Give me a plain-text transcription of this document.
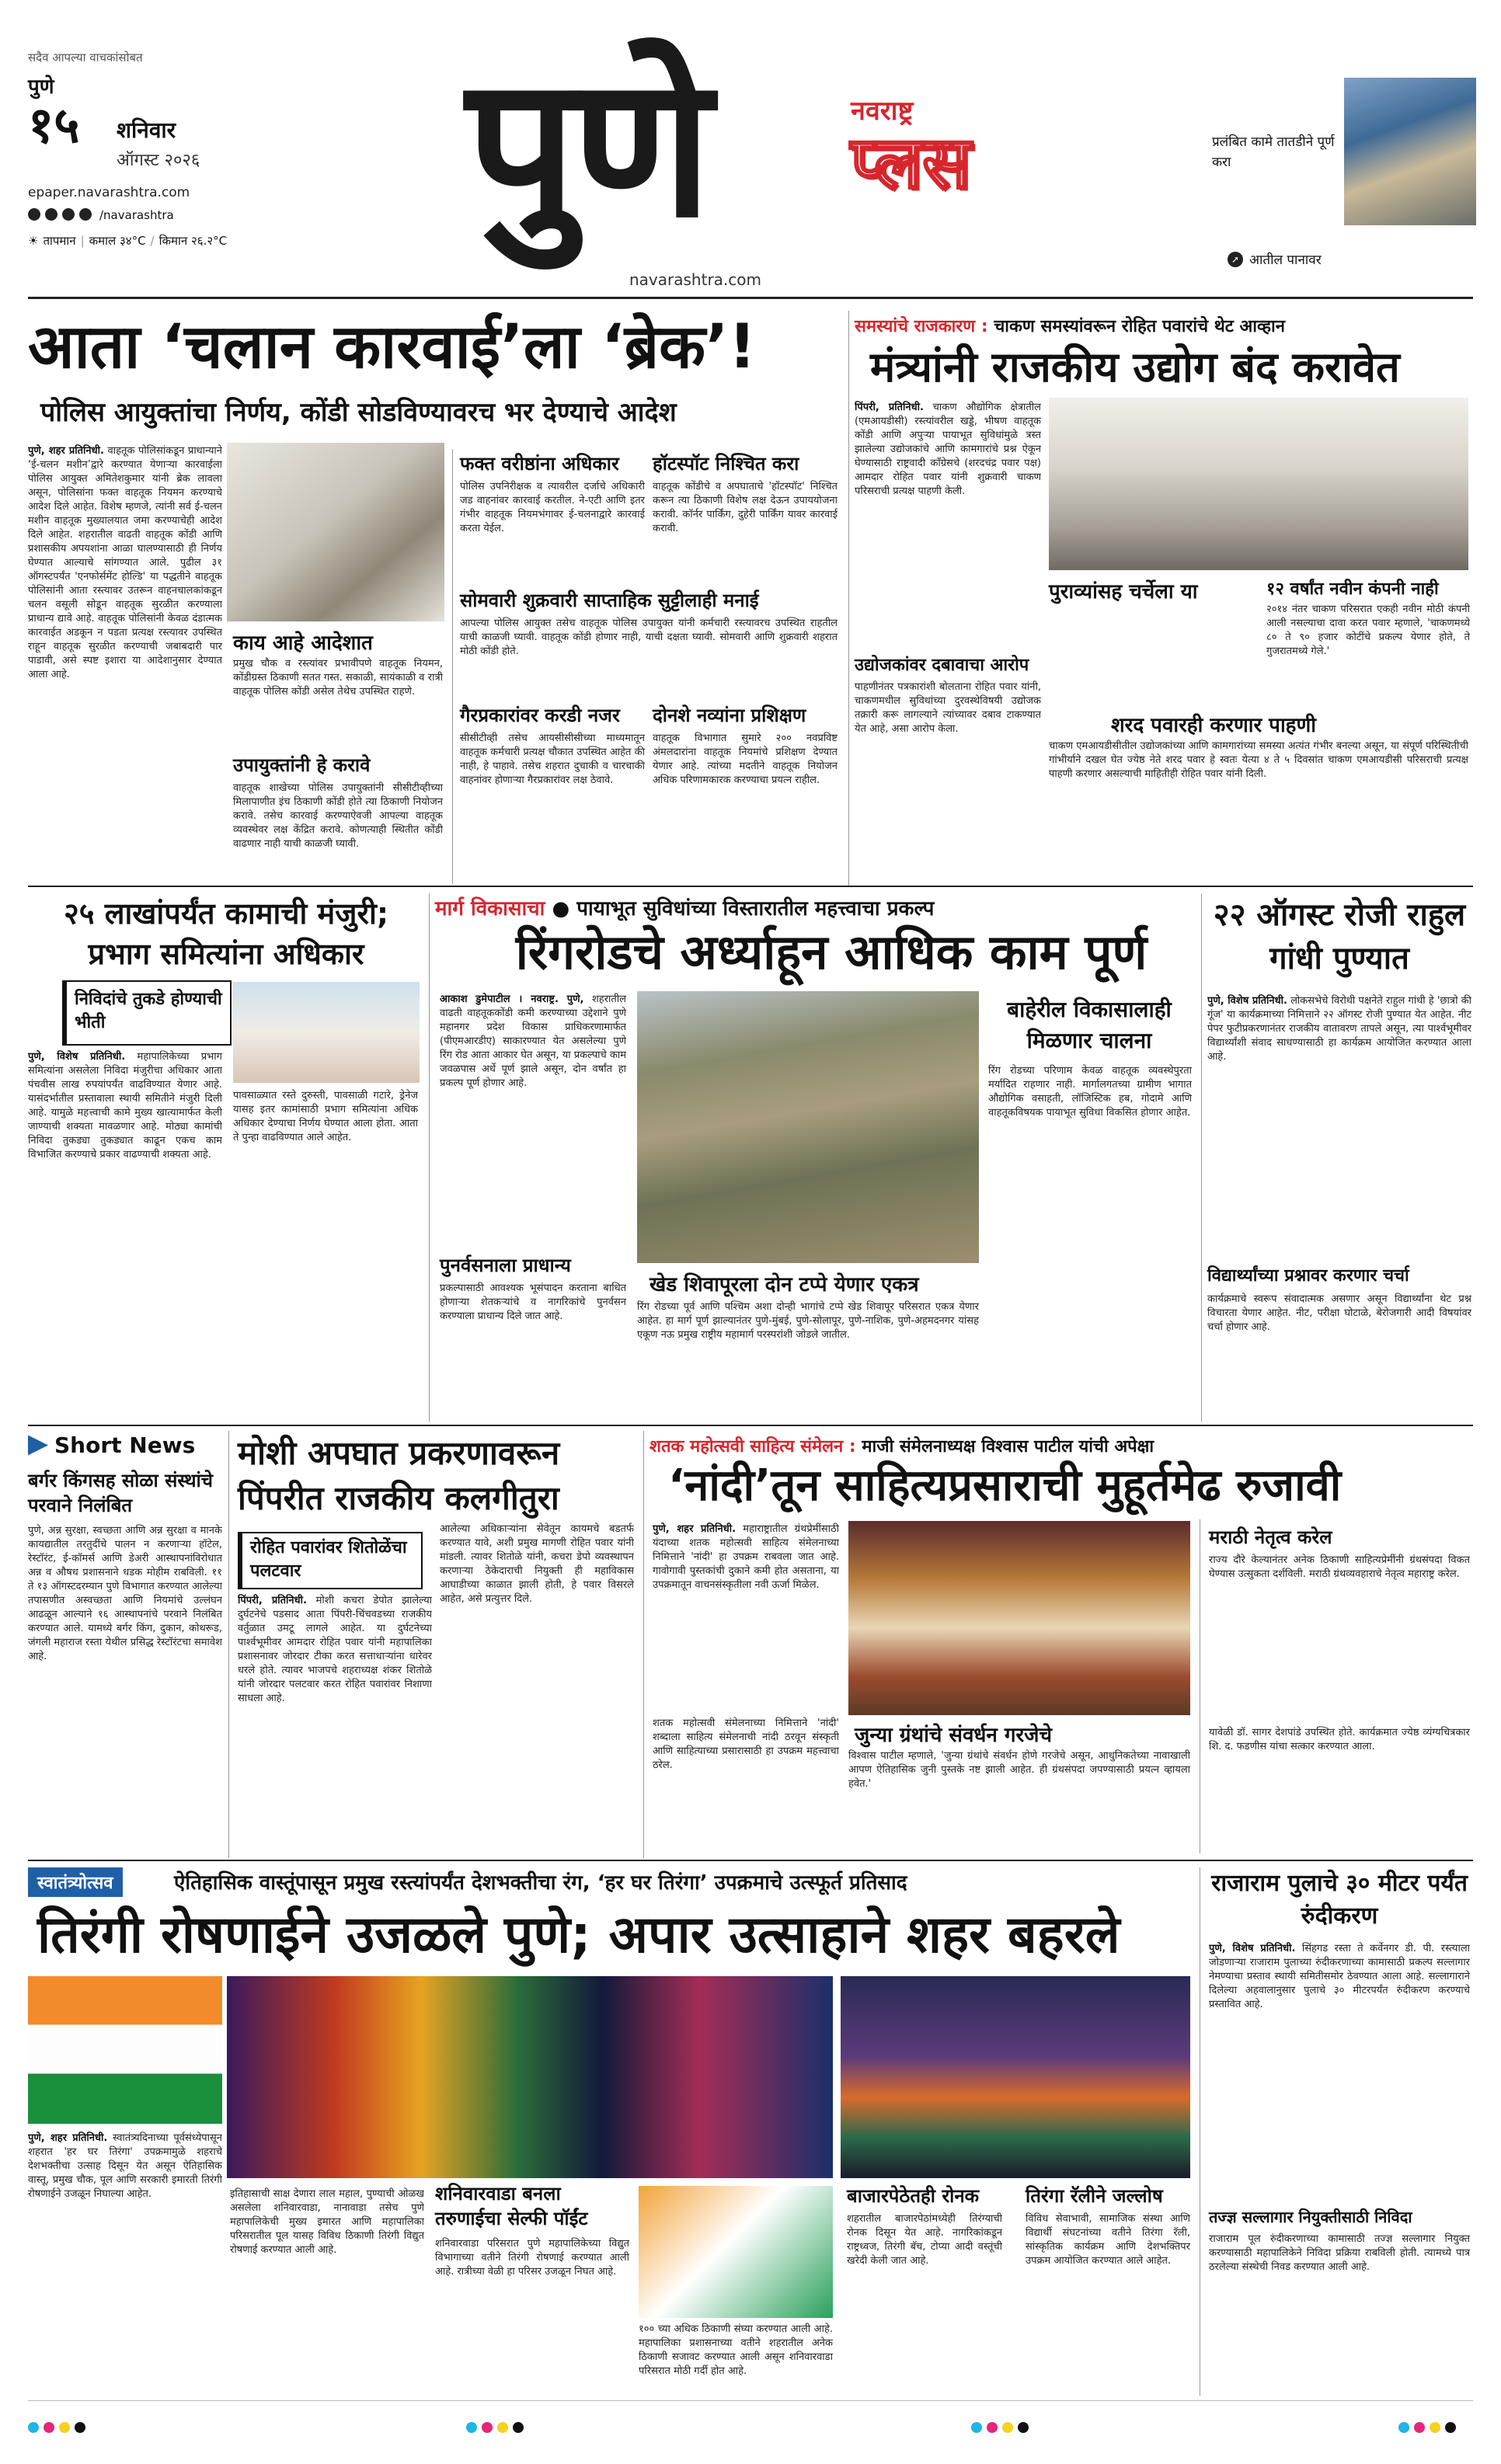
सदैव आपल्या वाचकांसोबत
पुणे
१५ शनिवार
ऑगस्ट २०२६
epaper.navarashtra.com
/navarashtra
☀ तापमान | कमाल ३४°C / किमान २६.२°C पुणे	नवराष्ट्र
प्लस
navarashtra.com
प्रलंबित कामे तातडीने पूर्ण करा
➚ आतील पानावर
आता ‘चलान कारवाई’ला ‘ब्रेक’!
पोलिस आयुक्तांचा निर्णय, कोंडी सोडविण्यावरच भर देण्याचे आदेश
पुणे, शहर प्रतिनिधी. वाहतूक पोलिसांकडून प्राधान्याने ‘ई-चलन मशीन’द्वारे करण्यात येणाऱ्या कारवाईला पोलिस आयुक्त अमितेशकुमार यांनी ब्रेक लावला असून, पोलिसांना फक्त वाहतूक नियमन करण्याचे आदेश दिले आहेत. विशेष म्हणजे, त्यांनी सर्व ई-चलन मशीन वाहतूक मुख्यालयात जमा करण्याचेही आदेश दिले आहेत. शहरातील वाढती वाहतूक कोंडी आणि प्रशासकीय अपयशांना आळा घालण्यासाठी ही निर्णय घेण्यात आल्याचे सांगण्यात आले. पुढील ३१ ऑगस्टपर्यंत 'एनफोर्समेंट होल्डि' या पद्धतीने वाहतूक पोलिसांनी आता रस्त्यावर उतरून वाहनचालकांकडून चलन वसूली सोडून वाहतूक सुरळीत करण्याला प्राधान्य द्यावे आहे. वाहतूक पोलिसांनी केवळ दंडात्मक कारवाईत अडकून न पडता प्रत्यक्ष रस्त्यावर उपस्थित राहून वाहतूक सुरळीत करण्याची जबाबदारी पार पाडावी, असे स्पष्ट इशारा या आदेशानुसार देण्यात आला आहे.
काय आहे आदेशात
प्रमुख चौक व रस्त्यांवर प्रभावीपणे वाहतूक नियमन, कोंडीग्रस्त ठिकाणी सतत गस्त. सकाळी, सायंकाळी व रात्री वाहतूक पोलिस कोंडी असेल तेथेच उपस्थित राहणे.
उपायुक्तांनी हे करावे
वाहतूक शाखेच्या पोलिस उपायुक्तांनी सीसीटीव्हीच्या मिलापाणीत इंच ठिकाणी कोंडी होते त्या ठिकाणी नियोजन करावे. तसेच कारवाई करण्याऐवजी आपल्या वाहतूक व्यवस्थेवर लक्ष केंद्रित करावे. कोणत्याही स्थितीत कोंडी वाढणार नाही याची काळजी घ्यावी.
फक्त वरीष्ठांना अधिकार
पोलिस उपनिरीक्षक व त्यावरील दर्जाचे अधिकारी जड वाहनांवर कारवाई करतील. ने-एटी आणि इतर गंभीर वाहतूक नियमभंगावर ई-चलनाद्वारे कारवाई करता येईल.
हॉटस्पॉट निश्चित करा
वाहतूक कोंडीचे व अपघाताचे 'हॉटस्पॉट' निश्चित करून त्या ठिकाणी विशेष लक्ष देऊन उपाययोजना करावी. कॉर्नर पार्किंग, दुहेरी पार्किंग यावर कारवाई करावी.
सोमवारी शुक्रवारी साप्ताहिक सुट्टीलाही मनाई
आपल्या पोलिस आयुक्त तसेच वाहतूक पोलिस उपायुक्त यांनी कर्मचारी रस्त्यावरच उपस्थित राहतील याची काळजी घ्यावी. वाहतूक कोंडी होणार नाही, याची दक्षता घ्यावी. सोमवारी आणि शुक्रवारी शहरात मोठी कोंडी होते.
गैरप्रकारांवर करडी नजर
सीसीटीव्ही तसेच आयसीसीसीच्या माध्यमातून वाहतूक कर्मचारी प्रत्यक्ष चौकात उपस्थित आहेत की नाही, हे पाहावे. तसेच शहरात दुचाकी व चारचाकी वाहनांवर होणाऱ्या गैरप्रकारांवर लक्ष ठेवावे.
दोनशे नव्यांना प्रशिक्षण
वाहतूक विभागात सुमारे २०० नवप्रविष्ट अंमलदारांना वाहतूक नियमांचे प्रशिक्षण देण्यात येणार आहे. त्यांच्या मदतीने वाहतूक नियोजन अधिक परिणामकारक करण्याचा प्रयत्न राहील.
समस्यांचे राजकारण : चाकण समस्यांवरून रोहित पवारांचे थेट आव्हान
मंत्र्यांनी राजकीय उद्योग बंद करावेत
पिंपरी, प्रतिनिधी. चाकण औद्योगिक क्षेत्रातील (एमआयडीसी) रस्त्यांवरील खड्डे, भीषण वाहतूक कोंडी आणि अपुऱ्या पायाभूत सुविधांमुळे त्रस्त झालेल्या उद्योजकांचे आणि कामगारांचे प्रश्न ऐकून घेण्यासाठी राष्ट्रवादी काँग्रेसचे (शरदचंद्र पवार पक्ष) आमदार रोहित पवार यांनी शुक्रवारी चाकण परिसराची प्रत्यक्ष पाहणी केली.
उद्योजकांवर दबावाचा आरोप
पाहणीनंतर पत्रकारांशी बोलताना रोहित पवार यांनी, चाकणमधील सुविधांच्या दुरवस्थेविषयी उद्योजक तक्रारी करू लागल्याने त्यांच्यावर दबाव टाकण्यात येत आहे, असा आरोप केला.
पुराव्यांसह चर्चेला या	१२ वर्षांत नवीन कंपनी नाही
२०१४ नंतर चाकण परिसरात एकही नवीन मोठी कंपनी आली नसल्याचा दावा करत पवार म्हणाले, 'चाकणमध्ये ८० ते ९० हजार कोटींचे प्रकल्प येणार होते, ते गुजरातमध्ये गेले.'
शरद पवारही करणार पाहणी
चाकण एमआयडीसीतील उद्योजकांच्या आणि कामगारांच्या समस्या अत्यंत गंभीर बनल्या असून, या संपूर्ण परिस्थितीची गांभीर्याने दखल घेत ज्येष्ठ नेते शरद पवार हे स्वतः येत्या ४ ते ५ दिवसांत चाकण एमआयडीसी परिसराची प्रत्यक्ष पाहणी करणार असल्याची माहितीही रोहित पवार यांनी दिली.
२५ लाखांपर्यंत कामाची मंजुरी; प्रभाग समित्यांना अधिकार
निविदांचे तुकडे होण्याची भीती
पुणे, विशेष प्रतिनिधी. महापालिकेच्या प्रभाग समित्यांना असलेला निविदा मंजुरीचा अधिकार आता पंचवीस लाख रुपयांपर्यंत वाढविण्यात येणार आहे. यासंदर्भातील प्रस्तावाला स्थायी समितीने मंजुरी दिली आहे. यामुळे महत्त्वाची कामे मुख्य खात्यामार्फत केली जाण्याची शक्यता मावळणार आहे. मोठ्या कामांची निविदा तुकड्या तुकड्यात काढून एकच काम विभाजित करण्याचे प्रकार वाढण्याची शक्यता आहे.
पावसाळ्यात रस्ते दुरुस्ती, पावसाळी गटारे, ड्रेनेज यासह इतर कामांसाठी प्रभाग समित्यांना अधिक अधिकार देण्याचा निर्णय घेण्यात आला होता. आता ते पुन्हा वाढविण्यात आले आहेत.
मार्ग विकासाचा ● पायाभूत सुविधांच्या विस्तारातील महत्त्वाचा प्रकल्प
रिंगरोडचे अर्ध्याहून आधिक काम पूर्ण
आकाश डुमेपाटील । नवराष्ट्र. पुणे, शहरातील वाढती वाहतूककोंडी कमी करण्याच्या उद्देशाने पुणे महानगर प्रदेश विकास प्राधिकरणामार्फत (पीएमआरडीए) साकारण्यात येत असलेल्या पुणे रिंग रोड आता आकार घेत असून, या प्रकल्पाचे काम जवळपास अर्धे पूर्ण झाले असून, दोन वर्षांत हा प्रकल्प पूर्ण होणार आहे.
पुनर्वसनाला प्राधान्य
प्रकल्पासाठी आवश्यक भूसंपादन करताना बाधित होणाऱ्या शेतकऱ्यांचे व नागरिकांचे पुनर्वसन करण्याला प्राधान्य दिले जात आहे.
खेड शिवापूरला दोन टप्पे येणार एकत्र
रिंग रोडच्या पूर्व आणि पश्चिम अशा दोन्ही भागांचे टप्पे खेड शिवापूर परिसरात एकत्र येणार आहेत. हा मार्ग पूर्ण झाल्यानंतर पुणे-मुंबई, पुणे-सोलापूर, पुणे-नाशिक, पुणे-अहमदनगर यांसह एकूण नऊ प्रमुख राष्ट्रीय महामार्ग परस्परांशी जोडले जातील.
बाहेरील विकासालाही मिळणार चालना
रिंग रोडच्या परिणाम केवळ वाहतूक व्यवस्थेपुरता मर्यादित राहणार नाही. मार्गालगतच्या ग्रामीण भागात औद्योगिक वसाहती, लॉजिस्टिक हब, गोदामे आणि वाहतूकविषयक पायाभूत सुविधा विकसित होणार आहेत.
२२ ऑगस्ट रोजी राहुल गांधी पुण्यात
पुणे, विशेष प्रतिनिधी. लोकसभेचे विरोधी पक्षनेते राहुल गांधी हे 'छात्रो की गूंज' या कार्यक्रमाच्या निमित्ताने २२ ऑगस्ट रोजी पुण्यात येत आहेत. नीट पेपर फुटीप्रकरणानंतर राजकीय वातावरण तापले असून, त्या पार्श्वभूमीवर विद्यार्थ्यांशी संवाद साधण्यासाठी हा कार्यक्रम आयोजित करण्यात आला आहे.
विद्यार्थ्यांच्या प्रश्नावर करणार चर्चा
कार्यक्रमाचे स्वरूप संवादात्मक असणार असून विद्यार्थ्यांना थेट प्रश्न विचारता येणार आहेत. नीट, परीक्षा घोटाळे, बेरोजगारी आदी विषयांवर चर्चा होणार आहे.
Short News
बर्गर किंगसह सोळा संस्थांचे परवाने निलंबित
पुणे, अन्न सुरक्षा, स्वच्छता आणि अन्न सुरक्षा व मानके कायद्यातील तरतुदींचे पालन न करणाऱ्या हॉटेल, रेस्टॉरंट, ई-कॉमर्स आणि डेअरी आस्थापनांविरोधात अन्न व औषध प्रशासनाने धडक मोहीम राबविली. ११ ते १३ ऑगस्टदरम्यान पुणे विभागात करण्यात आलेल्या तपासणीत अस्वच्छता आणि नियमांचे उल्लंघन आढळून आल्याने १६ आस्थापनांचे परवाने निलंबित करण्यात आले. यामध्ये बर्गर किंग, दुकान, कोथरूड, जंगली महाराज रस्ता येथील प्रसिद्ध रेस्टॉरंटचा समावेश आहे.
मोशी अपघात प्रकरणावरून पिंपरीत राजकीय कलगीतुरा
रोहित पवारांवर शितोळेंचा पलटवार
पिंपरी, प्रतिनिधी. मोशी कचरा डेपोत झालेल्या दुर्घटनेचे पडसाद आता पिंपरी-चिंचवडच्या राजकीय वर्तुळात उमटू लागले आहेत. या दुर्घटनेच्या पार्श्वभूमीवर आमदार रोहित पवार यांनी महापालिका प्रशासनावर जोरदार टीका करत सत्ताधाऱ्यांना धारेवर धरले होते. त्यावर भाजपचे शहराध्यक्ष शंकर शितोळे यांनी जोरदार पलटवार करत रोहित पवारांवर निशाणा साधला आहे.
आलेल्या अधिकाऱ्यांना सेवेतून कायमचे बडतर्फ करण्यात यावे, अशी प्रमुख मागणी रोहित पवार यांनी मांडली. त्यावर शितोळे यांनी, कचरा डेपो व्यवस्थापन करणाऱ्या ठेकेदाराची नियुक्ती ही महाविकास आघाडीच्या काळात झाली होती, हे पवार विसरले आहेत, असे प्रत्युत्तर दिले.
शतक महोत्सवी साहित्य संमेलन : माजी संमेलनाध्यक्ष विश्वास पाटील यांची अपेक्षा
‘नांदी’तून साहित्यप्रसाराची मुहूर्तमेढ रुजावी
पुणे, शहर प्रतिनिधी. महाराष्ट्रातील ग्रंथप्रेमींसाठी यंदाच्या शतक महोत्सवी साहित्य संमेलनाच्या निमित्ताने 'नांदी' हा उपक्रम राबवला जात आहे. गावोगावी पुस्तकांची दुकाने कमी होत असताना, या उपक्रमातून वाचनसंस्कृतीला नवी ऊर्जा मिळेल.
जुन्या ग्रंथांचे संवर्धन गरजेचे
विश्वास पाटील म्हणाले, 'जुन्या ग्रंथांचे संवर्धन होणे गरजेचे असून, आधुनिकतेच्या नावाखाली आपण ऐतिहासिक जुनी पुस्तके नष्ट झाली आहेत. ही ग्रंथसंपदा जपण्यासाठी प्रयत्न व्हायला हवेत.'
शतक महोत्सवी संमेलनाच्या निमित्ताने 'नांदी' शब्दाला साहित्य संमेलनाची नांदी ठरवून संस्कृती आणि साहित्याच्या प्रसारासाठी हा उपक्रम महत्त्वाचा ठरेल.
मराठी नेतृत्व करेल
राज्य दौरे केल्यानंतर अनेक ठिकाणी साहित्यप्रेमींनी ग्रंथसंपदा विकत घेण्यास उत्सुकता दर्शविली. मराठी ग्रंथव्यवहाराचे नेतृत्व महाराष्ट्र करेल.
यावेळी डॉ. सागर देशपांडे उपस्थित होते. कार्यक्रमात ज्येष्ठ व्यंग्यचित्रकार शि. द. फडणीस यांचा सत्कार करण्यात आला.
स्वातंत्र्योत्सव	ऐतिहासिक वास्तूंपासून प्रमुख रस्त्यांपर्यंत देशभक्तीचा रंग, ‘हर घर तिरंगा’ उपक्रमाचे उत्स्फूर्त प्रतिसाद
तिरंगी रोषणाईने उजळले पुणे; अपार उत्साहाने शहर बहरले
पुणे, शहर प्रतिनिधी. स्वातंत्र्यदिनाच्या पूर्वसंध्येपासून शहरात 'हर घर तिरंगा' उपक्रमामुळे शहराचे देशभक्तीचा उत्साह दिसून येत असून ऐतिहासिक वास्तू, प्रमुख चौक, पूल आणि सरकारी इमारती तिरंगी रोषणाईने उजळून निघाल्या आहेत.	इतिहासाची साक्ष देणारा लाल महाल, पुण्याची ओळख असलेला शनिवारवाडा, नानावाडा तसेच पुणे महापालिकेची मुख्य इमारत आणि महापालिका परिसरातील पूल यासह विविध ठिकाणी तिरंगी विद्युत रोषणाई करण्यात आली आहे.
शनिवारवाडा बनला तरुणाईचा सेल्फी पॉईंट
शनिवारवाडा परिसरात पुणे महापालिकेच्या विद्युत विभागाच्या वतीने तिरंगी रोषणाई करण्यात आली आहे. रात्रीच्या वेळी हा परिसर उजळून निघत आहे.
१०० च्या अधिक ठिकाणी संघ्या करण्यात आली आहे. महापालिका प्रशासनाच्या वतीने शहरातील अनेक ठिकाणी सजावट करण्यात आली असून शनिवारवाडा परिसरात मोठी गर्दी होत आहे.
बाजारपेठेतही रोनक
शहरातील बाजारपेठांमध्येही तिरंग्याची रोनक दिसून येत आहे. नागरिकांकडून राष्ट्रध्वज, तिरंगी बॅच, टोप्या आदी वस्तूंची खरेदी केली जात आहे.
तिरंगा रॅलीने जल्लोष
विविध सेवाभावी, सामाजिक संस्था आणि विद्यार्थी संघटनांच्या वतीने तिरंगा रॅली, सांस्कृतिक कार्यक्रम आणि देशभक्तिपर उपक्रम आयोजित करण्यात आले आहेत.
राजाराम पुलाचे ३० मीटर पर्यंत रुंदीकरण
पुणे, विशेष प्रतिनिधी. सिंहगड रस्ता ते कर्वेनगर डी. पी. रस्त्याला जोडणाऱ्या राजाराम पुलाच्या रुंदीकरणाच्या कामासाठी प्रकल्प सल्लागार नेमण्याचा प्रस्ताव स्थायी समितीसमोर ठेवण्यात आला आहे. सल्लागाराने दिलेल्या अहवालानुसार पुलाचे ३० मीटरपर्यंत रुंदीकरण करण्याचे प्रस्तावित आहे.
तज्ज्ञ सल्लागार नियुक्तीसाठी निविदा
राजाराम पूल रुंदीकरणाच्या कामासाठी तज्ज्ञ सल्लागार नियुक्त करण्यासाठी महापालिकेने निविदा प्रक्रिया राबविली होती. त्यामध्ये पात्र ठरलेल्या संस्थेची निवड करण्यात आली आहे.
